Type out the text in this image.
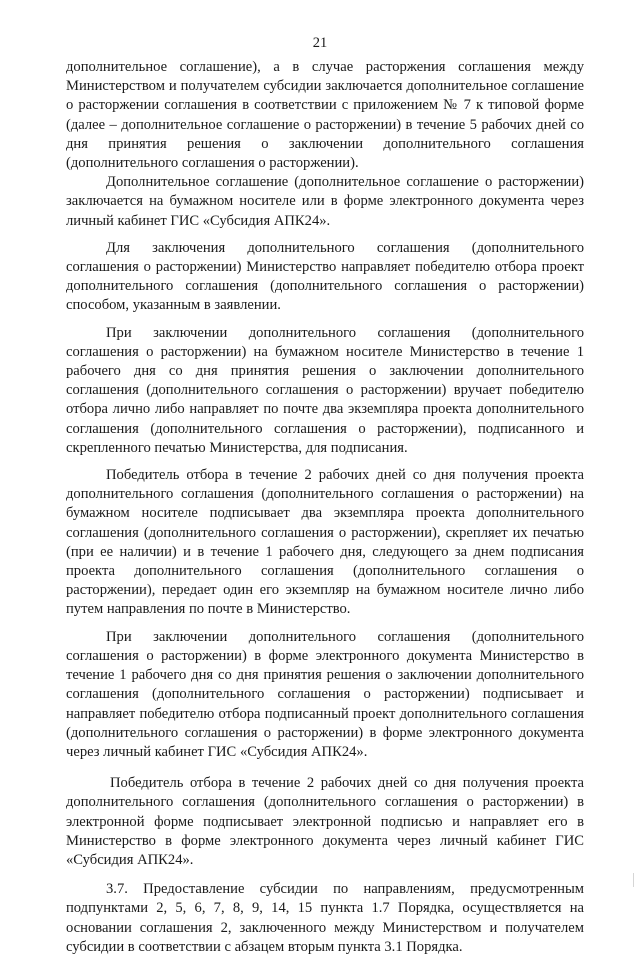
21

дополнительное соглашение), а в случае расторжения соглашения между Министерством и получателем субсидии заключается дополнительное соглашение о расторжении соглашения в соответствии с приложением № 7 к типовой форме (далее – дополнительное соглашение о расторжении) в течение 5 рабочих дней со дня принятия решения о заключении дополнительного соглашения (дополнительного соглашения о расторжении).

Дополнительное соглашение (дополнительное соглашение о расторжении) заключается на бумажном носителе или в форме электронного документа через личный кабинет ГИС «Субсидия АПК24».

Для заключения дополнительного соглашения (дополнительного соглашения о расторжении) Министерство направляет победителю отбора проект дополнительного соглашения (дополнительного соглашения о расторжении) способом, указанным в заявлении.

При заключении дополнительного соглашения (дополнительного соглашения о расторжении) на бумажном носителе Министерство в течение 1 рабочего дня со дня принятия решения о заключении дополнительного соглашения (дополнительного соглашения о расторжении) вручает победителю отбора лично либо направляет по почте два экземпляра проекта дополнительного соглашения (дополнительного соглашения о расторжении), подписанного и скрепленного печатью Министерства, для подписания.

Победитель отбора в течение 2 рабочих дней со дня получения проекта дополнительного соглашения (дополнительного соглашения о расторжении) на бумажном носителе подписывает два экземпляра проекта дополнительного соглашения (дополнительного соглашения о расторжении), скрепляет их печатью (при ее наличии) и в течение 1 рабочего дня, следующего за днем подписания проекта дополнительного соглашения (дополнительного соглашения о расторжении), передает один его экземпляр на бумажном носителе лично либо путем направления по почте в Министерство.

При заключении дополнительного соглашения (дополнительного соглашения о расторжении) в форме электронного документа Министерство в течение 1 рабочего дня со дня принятия решения о заключении дополнительного соглашения (дополнительного соглашения о расторжении) подписывает и направляет победителю отбора подписанный проект дополнительного соглашения (дополнительного соглашения о расторжении) в форме электронного документа через личный кабинет ГИС «Субсидия АПК24».

Победитель отбора в течение 2 рабочих дней со дня получения проекта дополнительного соглашения (дополнительного соглашения о расторжении) в электронной форме подписывает электронной подписью и направляет его в Министерство в форме электронного документа через личный кабинет ГИС «Субсидия АПК24».

3.7. Предоставление субсидии по направлениям, предусмотренным подпунктами 2, 5, 6, 7, 8, 9, 14, 15 пункта 1.7 Порядка, осуществляется на основании соглашения 2, заключенного между Министерством и получателем субсидии в соответствии с абзацем вторым пункта 3.1 Порядка.
